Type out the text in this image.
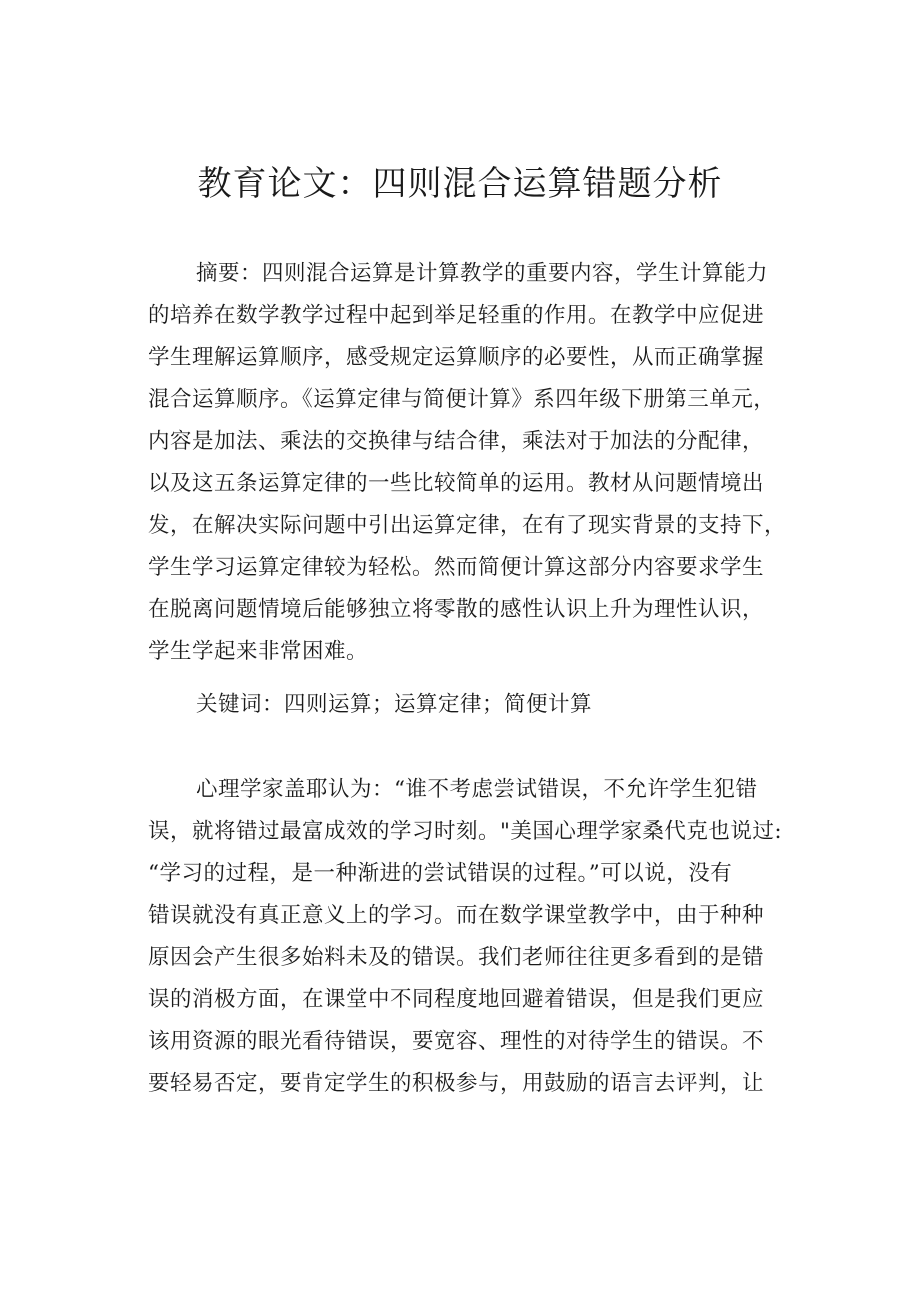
教育论文：四则混合运算错题分析
摘要：四则混合运算是计算教学的重要内容，学生计算能力
的培养在数学教学过程中起到举足轻重的作用。在教学中应促进
学生理解运算顺序，感受规定运算顺序的必要性，从而正确掌握
混合运算顺序。《运算定律与简便计算》系四年级下册第三单元，
内容是加法、乘法的交换律与结合律，乘法对于加法的分配律，
以及这五条运算定律的一些比较简单的运用。教材从问题情境出
发，在解决实际问题中引出运算定律，在有了现实背景的支持下，
学生学习运算定律较为轻松。然而简便计算这部分内容要求学生
在脱离问题情境后能够独立将零散的感性认识上升为理性认识，
学生学起来非常困难。
关键词：四则运算；运算定律；简便计算
心理学家盖耶认为：“谁不考虑尝试错误，不允许学生犯错
误，就将错过最富成效的学习时刻。"美国心理学家桑代克也说过:
“学习的过程，是一种渐进的尝试错误的过程。”可以说，没有
错误就没有真正意义上的学习。而在数学课堂教学中，由于种种
原因会产生很多始料未及的错误。我们老师往往更多看到的是错
误的消极方面，在课堂中不同程度地回避着错误，但是我们更应
该用资源的眼光看待错误，要宽容、理性的对待学生的错误。不
要轻易否定，要肯定学生的积极参与，用鼓励的语言去评判，让
